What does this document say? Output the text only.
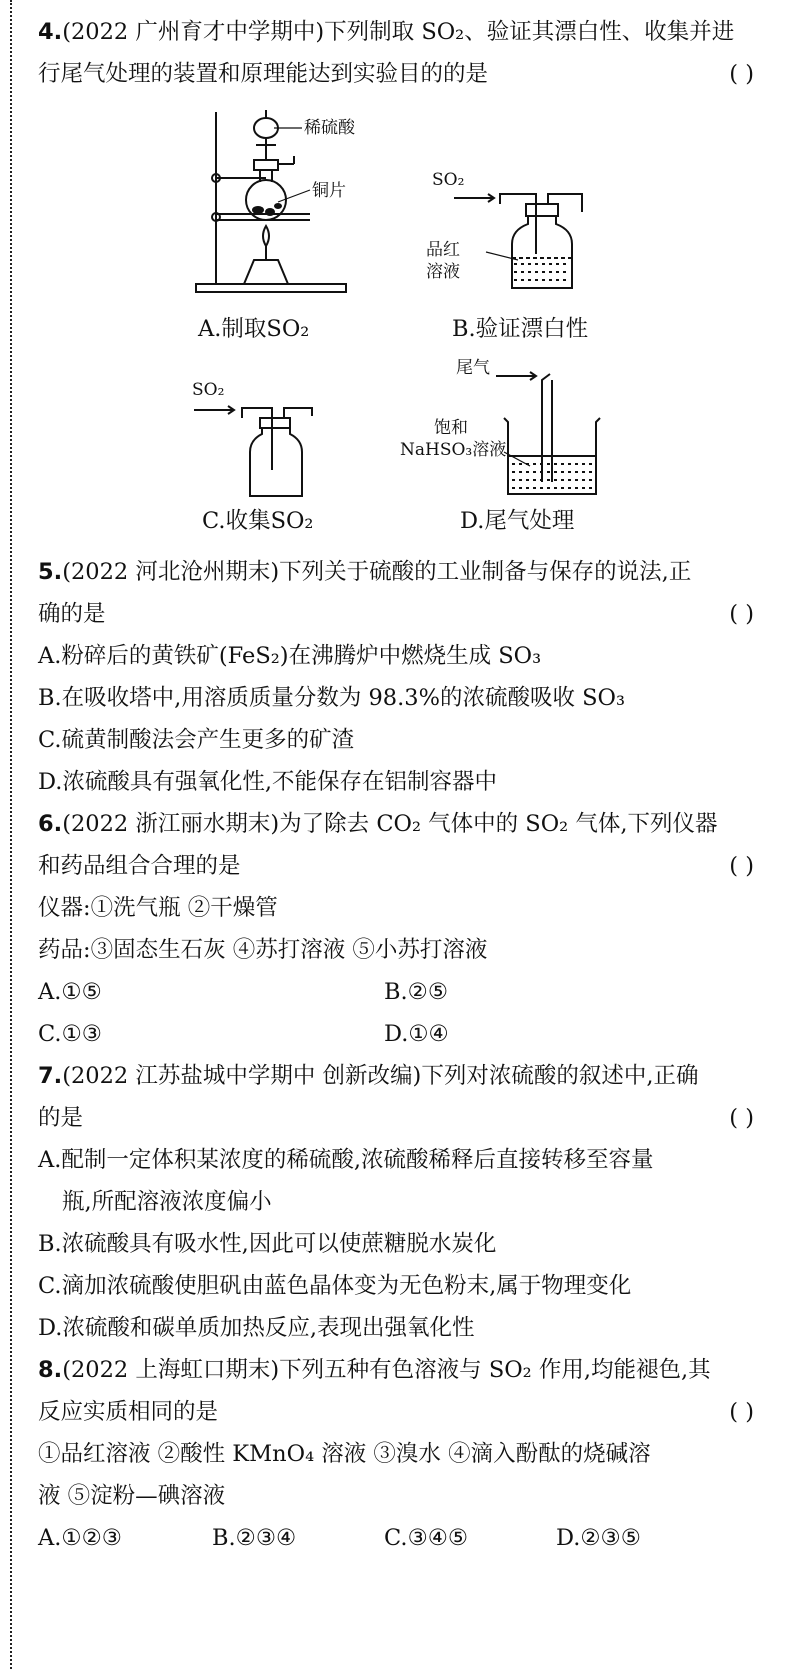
4.(2022 广州育才中学期中)下列制取 SO₂、验证其漂白性、收集并进
行尾气处理的装置和原理能达到实验目的的是	( )
稀硫酸
铜片
A.制取SO₂
SO₂
品红
溶液
B.验证漂白性
SO₂
C.收集SO₂
尾气
饱和
NaHSO₃溶液
D.尾气处理
5.(2022 河北沧州期末)下列关于硫酸的工业制备与保存的说法,正
确的是	( )
A.粉碎后的黄铁矿(FeS₂)在沸腾炉中燃烧生成 SO₃
B.在吸收塔中,用溶质质量分数为 98.3%的浓硫酸吸收 SO₃
C.硫黄制酸法会产生更多的矿渣
D.浓硫酸具有强氧化性,不能保存在铝制容器中
6.(2022 浙江丽水期末)为了除去 CO₂ 气体中的 SO₂ 气体,下列仪器
和药品组合合理的是	( )
仪器:①洗气瓶 ②干燥管
药品:③固态生石灰 ④苏打溶液 ⑤小苏打溶液
A.①⑤	B.②⑤
C.①③	D.①④
7.(2022 江苏盐城中学期中 创新改编)下列对浓硫酸的叙述中,正确
的是	( )
A.配制一定体积某浓度的稀硫酸,浓硫酸稀释后直接转移至容量
瓶,所配溶液浓度偏小
B.浓硫酸具有吸水性,因此可以使蔗糖脱水炭化
C.滴加浓硫酸使胆矾由蓝色晶体变为无色粉末,属于物理变化
D.浓硫酸和碳单质加热反应,表现出强氧化性
8.(2022 上海虹口期末)下列五种有色溶液与 SO₂ 作用,均能褪色,其
反应实质相同的是	( )
①品红溶液 ②酸性 KMnO₄ 溶液 ③溴水 ④滴入酚酞的烧碱溶
液 ⑤淀粉—碘溶液
A.①②③	B.②③④	C.③④⑤	D.②③⑤
